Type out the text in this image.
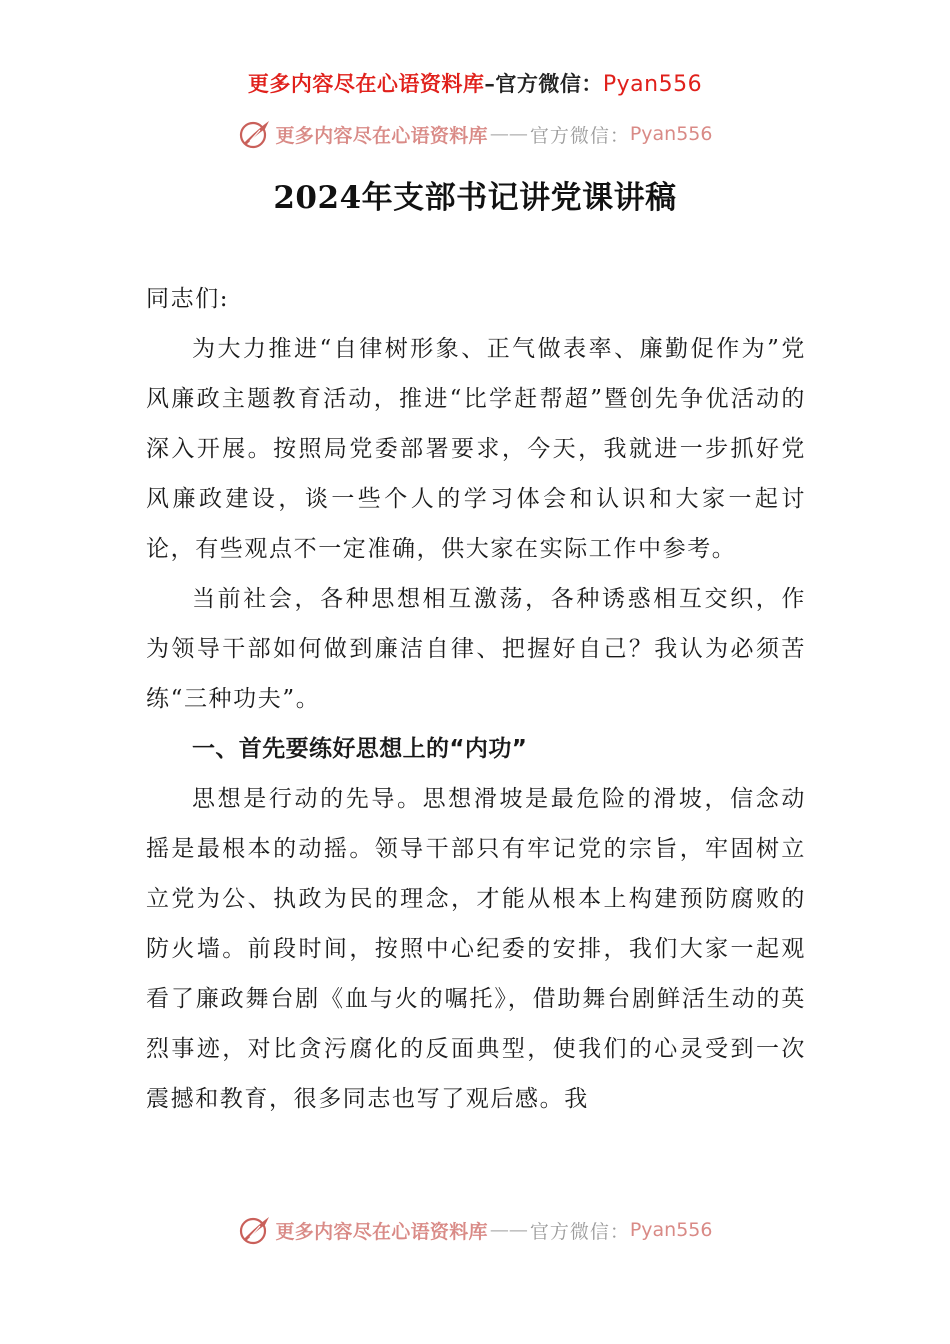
更多内容尽在心语资料库–官方微信：Pyan556
更多内容尽在心语资料库 —— 官方微信： Pyan556
2024年支部书记讲党课讲稿

同志们:

为大力推进“自律树形象、正气做表率、廉勤促作为”党风廉政主题教育活动，推进“比学赶帮超”暨创先争优活动的深入开展。按照局党委部署要求，今天，我就进一步抓好党风廉政建设，谈一些个人的学习体会和认识和大家一起讨论，有些观点不一定准确，供大家在实际工作中参考。

当前社会，各种思想相互激荡，各种诱惑相互交织，作为领导干部如何做到廉洁自律、把握好自己？我认为必须苦练“三种功夫”。

一、首先要练好思想上的“内功”

思想是行动的先导。思想滑坡是最危险的滑坡，信念动摇是最根本的动摇。领导干部只有牢记党的宗旨，牢固树立立党为公、执政为民的理念，才能从根本上构建预防腐败的防火墙。前段时间，按照中心纪委的安排，我们大家一起观看了廉政舞台剧《血与火的嘱托》，借助舞台剧鲜活生动的英烈事迹，对比贪污腐化的反面典型，使我们的心灵受到一次震撼和教育，很多同志也写了观后感。我

更多内容尽在心语资料库 —— 官方微信： Pyan556
